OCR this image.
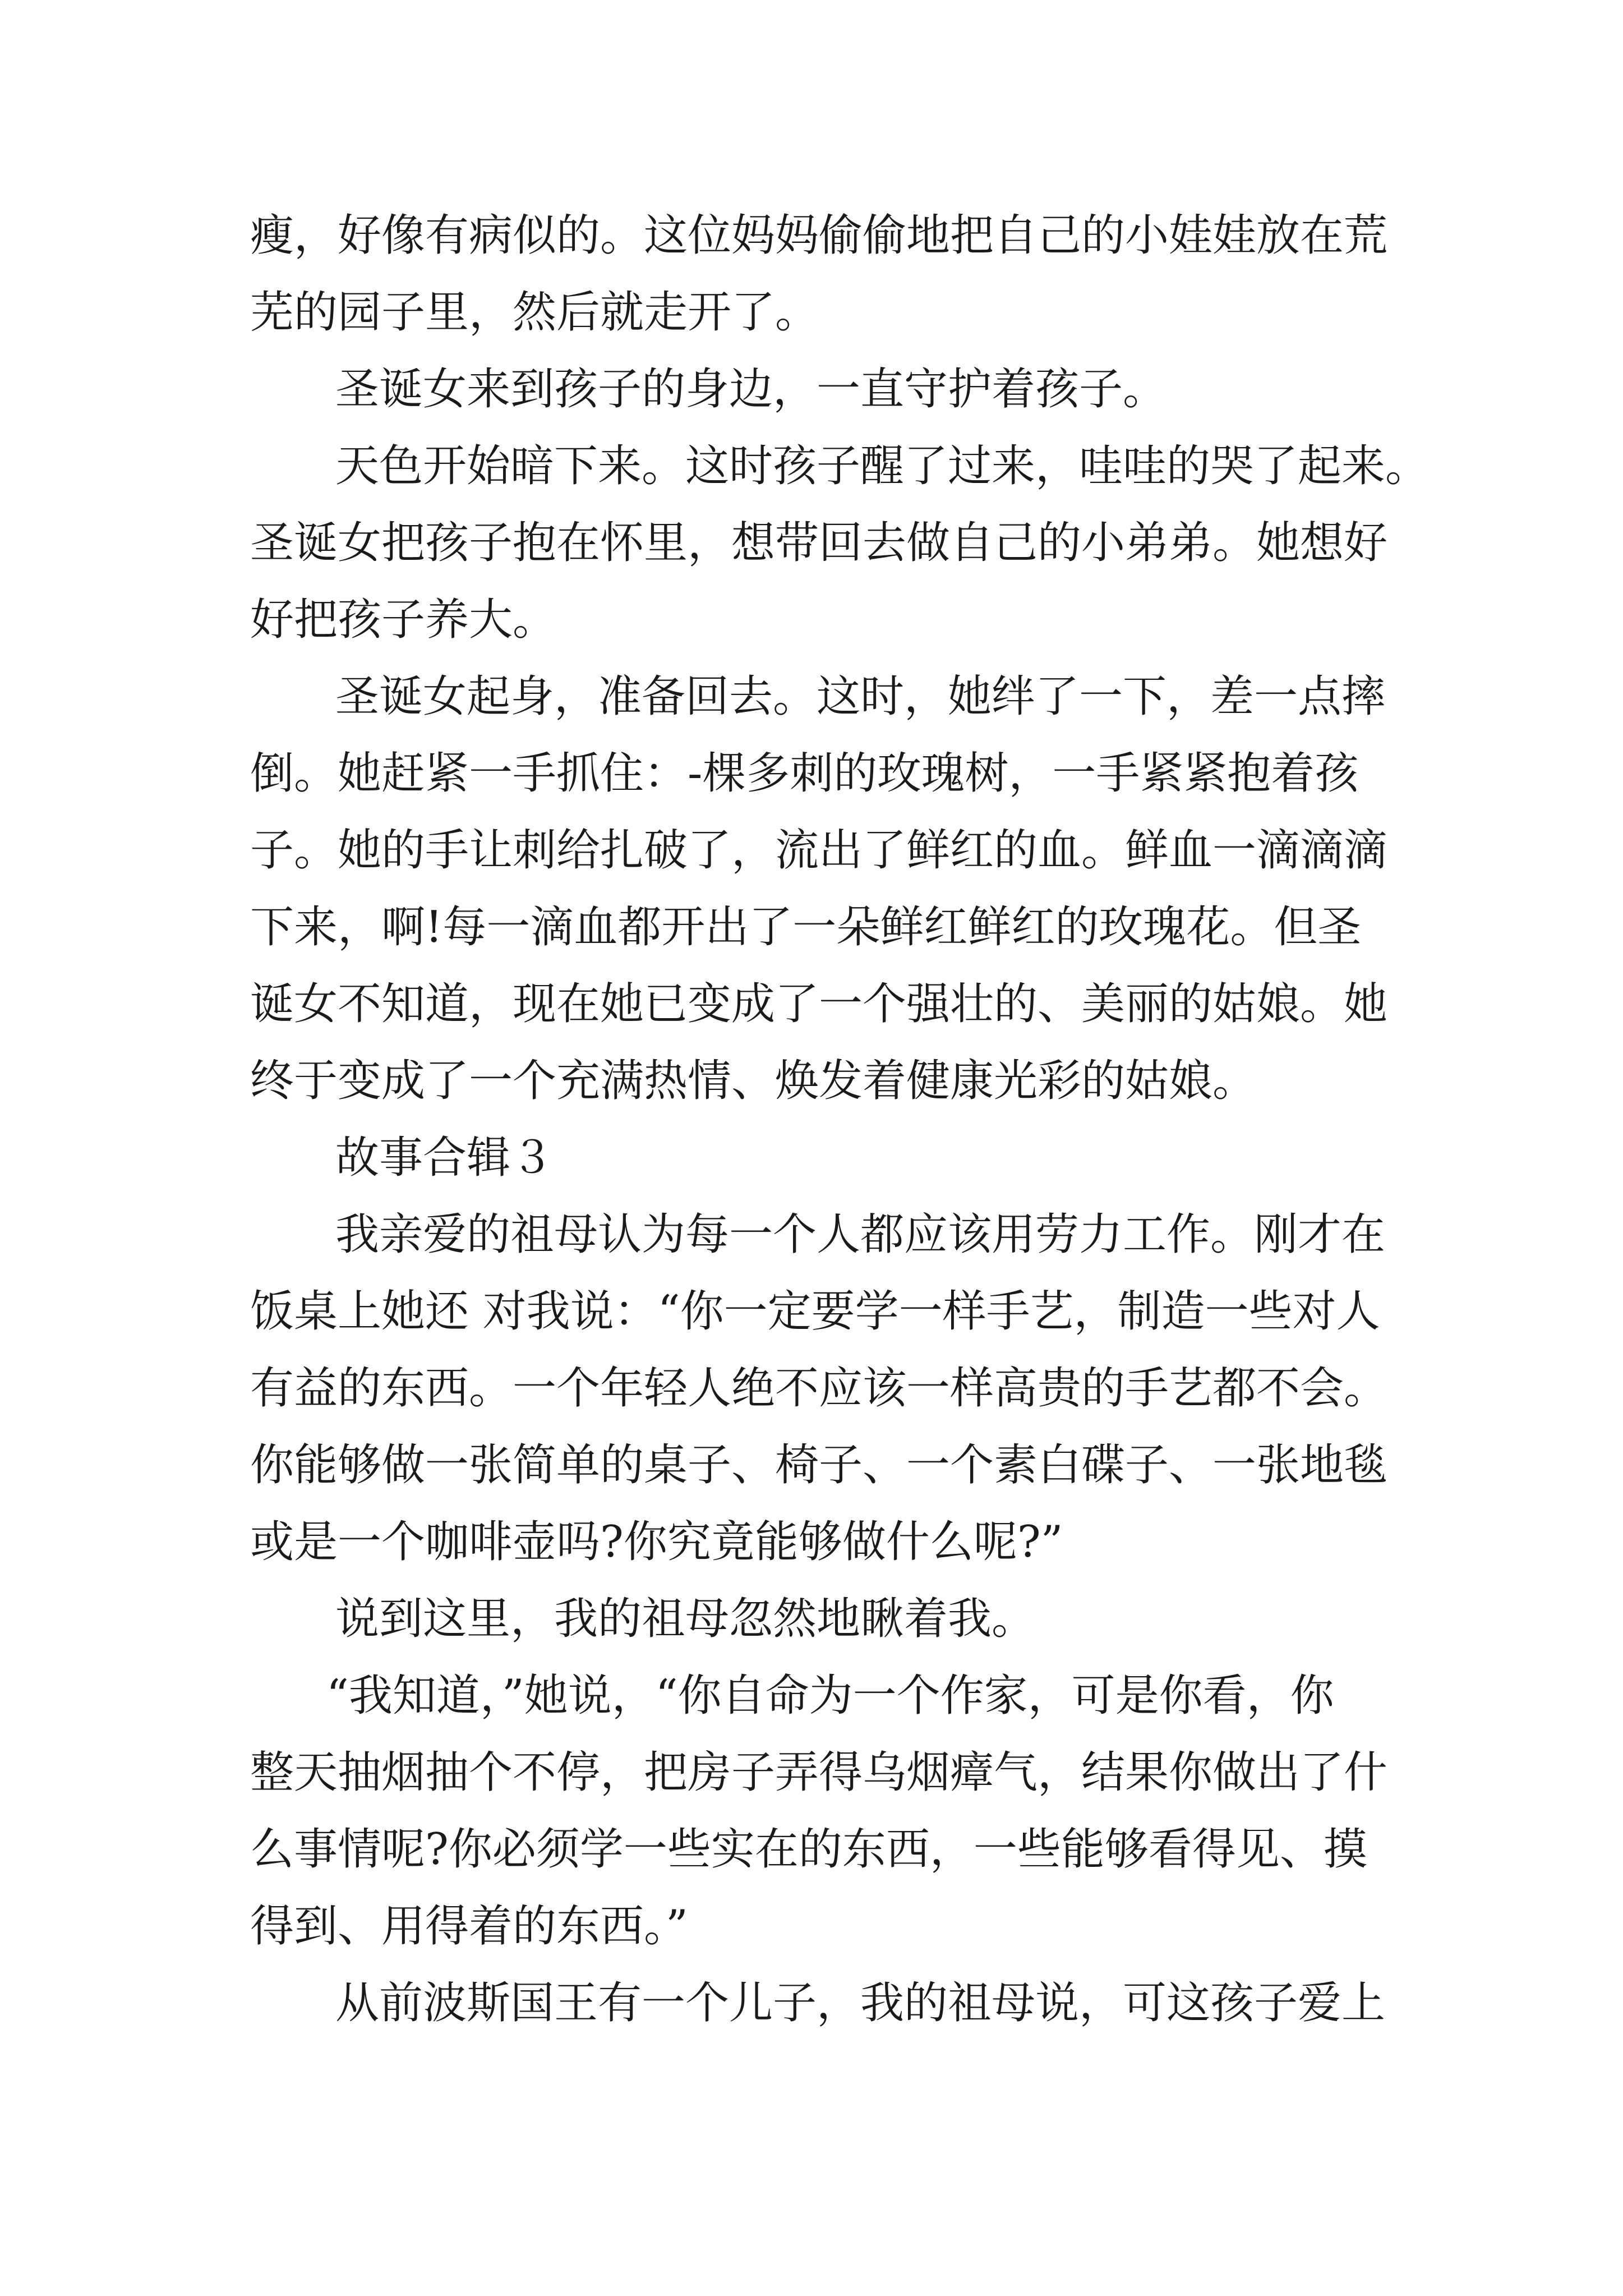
瘦，好像有病似的。这位妈妈偷偷地把自己的小娃娃放在荒
芜的园子里，然后就走开了。
圣诞女来到孩子的身边，一直守护着孩子。
天色开始暗下来。这时孩子醒了过来，哇哇的哭了起来。
圣诞女把孩子抱在怀里，想带回去做自己的小弟弟。她想好
好把孩子养大。
圣诞女起身，准备回去。这时，她绊了一下，差一点摔
倒。她赶紧一手抓住：-棵多刺的玫瑰树，一手紧紧抱着孩
子。她的手让刺给扎破了，流出了鲜红的血。鲜血一滴滴滴
下来，啊!每一滴血都开出了一朵鲜红鲜红的玫瑰花。但圣
诞女不知道，现在她已变成了一个强壮的、美丽的姑娘。她
终于变成了一个充满热情、焕发着健康光彩的姑娘。
故事合辑３
我亲爱的祖母认为每一个人都应该用劳力工作。刚才在
饭桌上她还 对我说：“你一定要学一样手艺，制造一些对人
有益的东西。一个年轻人绝不应该一样高贵的手艺都不会。
你能够做一张简单的桌子、椅子、一个素白碟子、一张地毯
或是一个咖啡壶吗?你究竟能够做什么呢?”
说到这里，我的祖母忽然地瞅着我。
“我知道，”她说，“你自命为一个作家，可是你看，你
整天抽烟抽个不停，把房子弄得乌烟瘴气，结果你做出了什
么事情呢?你必须学一些实在的东西，一些能够看得见、摸
得到、用得着的东西。”
从前波斯国王有一个儿子，我的祖母说，可这孩子爱上
